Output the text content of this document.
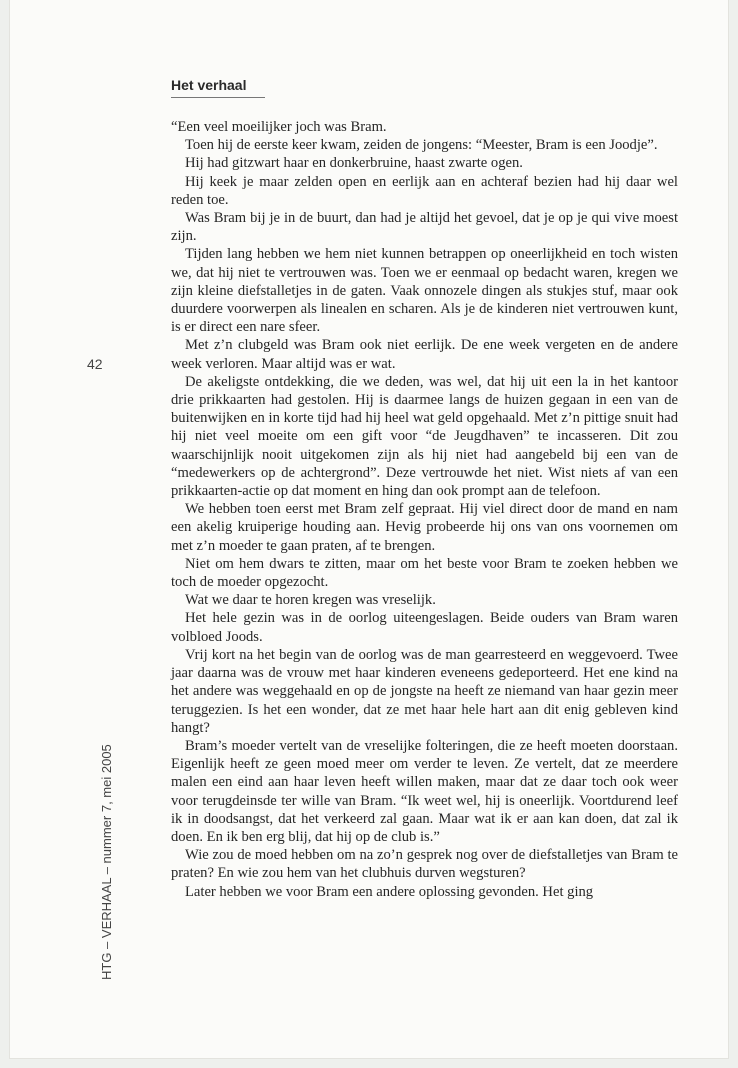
Het verhaal
42
HTG – VERHAAL – nummer 7, mei 2005

“Een veel moeilijker joch was Bram.

Toen hij de eerste keer kwam, zeiden de jongens: “Meester, Bram is een Joodje”.

Hij had gitzwart haar en donkerbruine, haast zwarte ogen.

Hij keek je maar zelden open en eerlijk aan en achteraf bezien had hij daar wel reden toe.

Was Bram bij je in de buurt, dan had je altijd het gevoel, dat je op je qui vive moest zijn.

Tijden lang hebben we hem niet kunnen betrappen op oneerlijkheid en toch wisten we, dat hij niet te vertrouwen was. Toen we er eenmaal op bedacht waren, kregen we zijn kleine diefstalletjes in de gaten. Vaak onnozele dingen als stukjes stuf, maar ook duurdere voorwerpen als linealen en scharen. Als je de kinderen niet vertrouwen kunt, is er direct een nare sfeer.

Met z’n clubgeld was Bram ook niet eerlijk. De ene week vergeten en de andere week verloren. Maar altijd was er wat.

De akeligste ontdekking, die we deden, was wel, dat hij uit een la in het kantoor drie prikkaarten had gestolen. Hij is daarmee langs de huizen gegaan in een van de buitenwijken en in korte tijd had hij heel wat geld opgehaald. Met z’n pittige snuit had hij niet veel moeite om een gift voor “de Jeugdhaven” te incasseren. Dit zou waarschijnlijk nooit uitgekomen zijn als hij niet had aangebeld bij een van de “medewerkers op de achtergrond”. Deze vertrouwde het niet. Wist niets af van een prikkaarten-actie op dat moment en hing dan ook prompt aan de telefoon.

We hebben toen eerst met Bram zelf gepraat. Hij viel direct door de mand en nam een akelig kruiperige houding aan. Hevig probeerde hij ons van ons voornemen om met z’n moeder te gaan praten, af te brengen.

Niet om hem dwars te zitten, maar om het beste voor Bram te zoeken hebben we toch de moeder opgezocht.

Wat we daar te horen kregen was vreselijk.

Het hele gezin was in de oorlog uiteengeslagen. Beide ouders van Bram waren volbloed Joods.

Vrij kort na het begin van de oorlog was de man gearresteerd en weggevoerd. Twee jaar daarna was de vrouw met haar kinderen eveneens gedeporteerd. Het ene kind na het andere was weggehaald en op de jongste na heeft ze niemand van haar gezin meer teruggezien. Is het een wonder, dat ze met haar hele hart aan dit enig gebleven kind hangt?

Bram’s moeder vertelt van de vreselijke folteringen, die ze heeft moeten doorstaan. Eigenlijk heeft ze geen moed meer om verder te leven. Ze vertelt, dat ze meerdere malen een eind aan haar leven heeft willen maken, maar dat ze daar toch ook weer voor terugdeinsde ter wille van Bram. “Ik weet wel, hij is oneerlijk. Voortdurend leef ik in doodsangst, dat het verkeerd zal gaan. Maar wat ik er aan kan doen, dat zal ik doen. En ik ben erg blij, dat hij op de club is.”

Wie zou de moed hebben om na zo’n gesprek nog over de diefstalletjes van Bram te praten? En wie zou hem van het clubhuis durven wegsturen?

Later hebben we voor Bram een andere oplossing gevonden. Het ging
